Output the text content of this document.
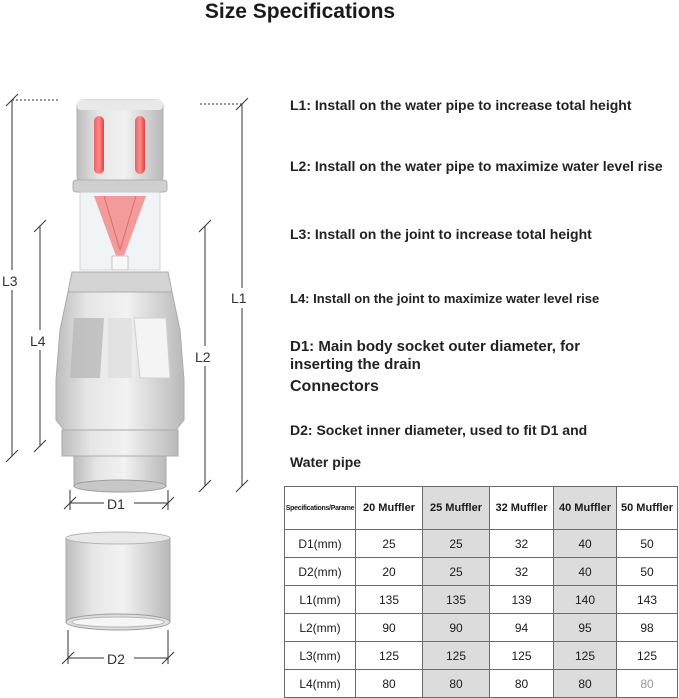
Size Specifications
L3
L4
L1
L2
D1
D2
L1: Install on the water pipe to increase total height
L2: Install on the water pipe to maximize water level rise
L3: Install on the joint to increase total height
L4: Install on the joint to maximize water level rise
D1: Main body socket outer diameter, for
inserting the drain
Connectors
D2: Socket inner diameter, used to fit D1 and
Water pipe
Specifications/Parame	20 Muffler	25 Muffler	32 Muffler	40 Muffler	50 Muffler
D1(mm)	25	25	32	40	50
D2(mm)	20	25	32	40	50
L1(mm)	135	135	139	140	143
L2(mm)	90	90	94	95	98
L3(mm)	125	125	125	125	125
L4(mm)	80	80	80	80	80
